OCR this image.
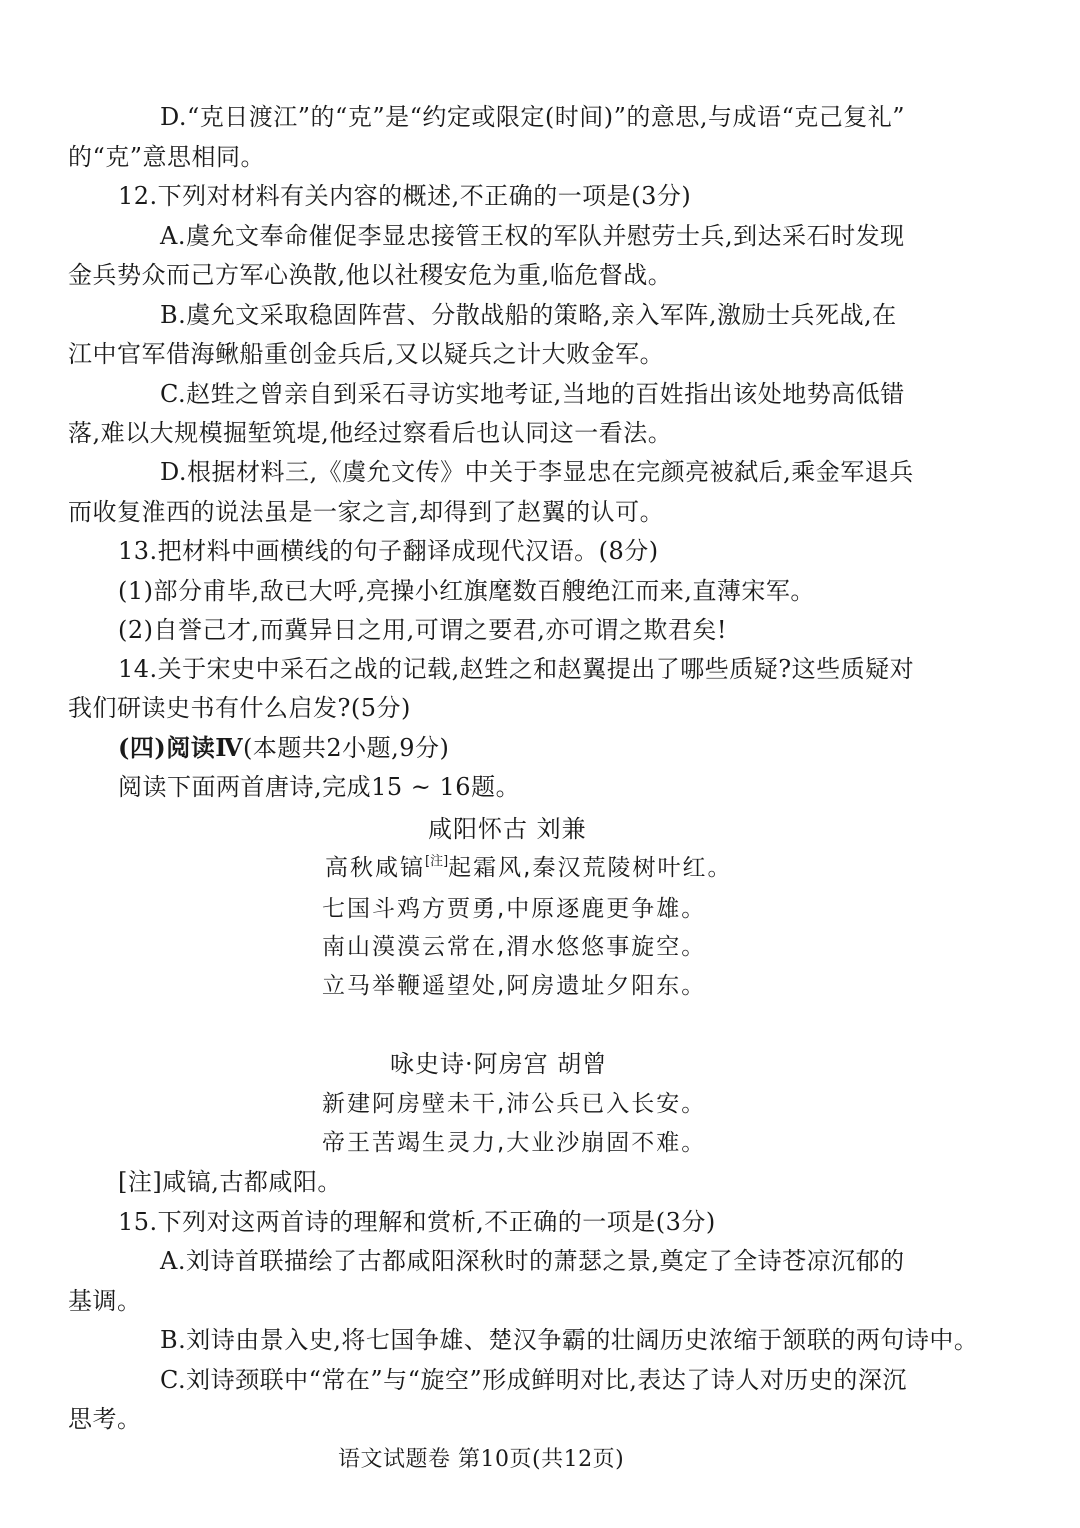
D.“克日渡江”的“克”是“约定或限定(时间)”的意思,与成语“克己复礼”
的“克”意思相同。
12.下列对材料有关内容的概述,不正确的一项是(3分)
A.虞允文奉命催促李显忠接管王权的军队并慰劳士兵,到达采石时发现
金兵势众而己方军心涣散,他以社稷安危为重,临危督战。
B.虞允文采取稳固阵营、分散战船的策略,亲入军阵,激励士兵死战,在
江中官军借海鳅船重创金兵后,又以疑兵之计大败金军。
C.赵甡之曾亲自到采石寻访实地考证,当地的百姓指出该处地势高低错
落,难以大规模掘堑筑堤,他经过察看后也认同这一看法。
D.根据材料三,《虞允文传》中关于李显忠在完颜亮被弑后,乘金军退兵
而收复淮西的说法虽是一家之言,却得到了赵翼的认可。
13.把材料中画横线的句子翻译成现代汉语。(8分)
(1)部分甫毕,敌已大呼,亮操小红旗麾数百艘绝江而来,直薄宋军。
(2)自誉己才,而冀异日之用,可谓之要君,亦可谓之欺君矣!
14.关于宋史中采石之战的记载,赵甡之和赵翼提出了哪些质疑?这些质疑对
我们研读史书有什么启发?(5分)
(四)阅读Ⅳ(本题共2小题,9分)
阅读下面两首唐诗,完成15 ~ 16题。
咸阳怀古 刘兼
高秋咸镐[注]起霜风,秦汉荒陵树叶红。
七国斗鸡方贾勇,中原逐鹿更争雄。
南山漠漠云常在,渭水悠悠事旋空。
立马举鞭遥望处,阿房遗址夕阳东。
咏史诗·阿房宫 胡曾
新建阿房壁未干,沛公兵已入长安。
帝王苦竭生灵力,大业沙崩固不难。
[注]咸镐,古都咸阳。
15.下列对这两首诗的理解和赏析,不正确的一项是(3分)
A.刘诗首联描绘了古都咸阳深秋时的萧瑟之景,奠定了全诗苍凉沉郁的
基调。
B.刘诗由景入史,将七国争雄、楚汉争霸的壮阔历史浓缩于颔联的两句诗中。
C.刘诗颈联中“常在”与“旋空”形成鲜明对比,表达了诗人对历史的深沉
思考。
语文试题卷 第10页(共12页)
